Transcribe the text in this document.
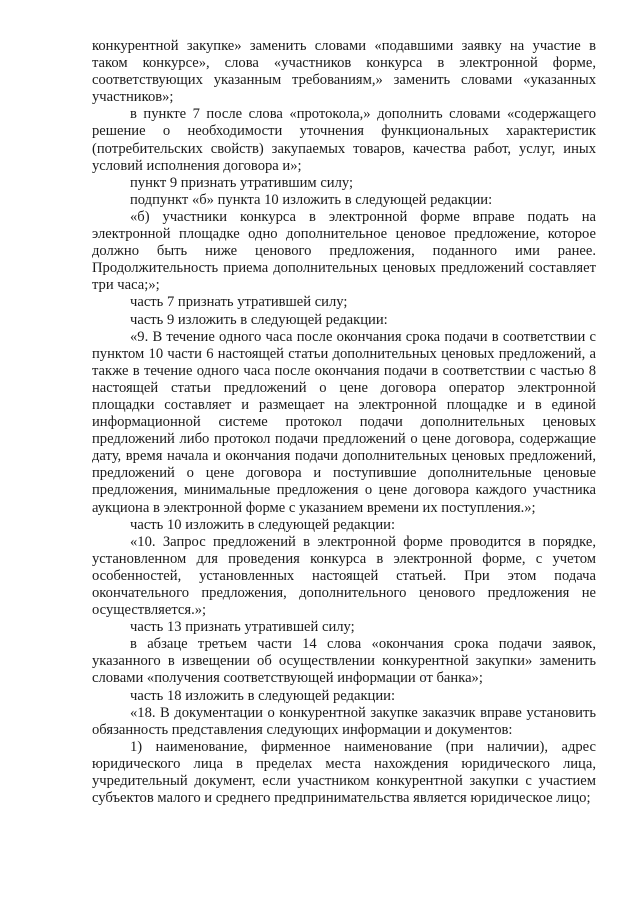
конкурентной закупке» заменить словами «подавшими заявку на участие в таком конкурсе», слова «участников конкурса в электронной форме, соответствующих указанным требованиям,» заменить словами «указанных участников»;

в пункте 7 после слова «протокола,» дополнить словами «содержащего решение о необходимости уточнения функциональных характеристик (потребительских свойств) закупаемых товаров, качества работ, услуг, иных условий исполнения договора и»;

пункт 9 признать утратившим силу;

подпункт «б» пункта 10 изложить в следующей редакции:

«б) участники конкурса в электронной форме вправе подать на электронной площадке одно дополнительное ценовое предложение, которое должно быть ниже ценового предложения, поданного ими ранее. Продолжительность приема дополнительных ценовых предложений составляет три часа;»;

часть 7 признать утратившей силу;

часть 9 изложить в следующей редакции:

«9. В течение одного часа после окончания срока подачи в соответствии с пунктом 10 части 6 настоящей статьи дополнительных ценовых предложений, а также в течение одного часа после окончания подачи в соответствии с частью 8 настоящей статьи предложений о цене договора оператор электронной площадки составляет и размещает на электронной площадке и в единой информационной системе протокол подачи дополнительных ценовых предложений либо протокол подачи предложений о цене договора, содержащие дату, время начала и окончания подачи дополнительных ценовых предложений, предложений о цене договора и поступившие дополнительные ценовые предложения, минимальные предложения о цене договора каждого участника аукциона в электронной форме с указанием времени их поступления.»;

часть 10 изложить в следующей редакции:

«10. Запрос предложений в электронной форме проводится в порядке, установленном для проведения конкурса в электронной форме, с учетом особенностей, установленных настоящей статьей. При этом подача окончательного предложения, дополнительного ценового предложения не осуществляется.»;

часть 13 признать утратившей силу;

в абзаце третьем части 14 слова «окончания срока подачи заявок, указанного в извещении об осуществлении конкурентной закупки» заменить словами «получения соответствующей информации от банка»;

часть 18 изложить в следующей редакции:

«18. В документации о конкурентной закупке заказчик вправе установить обязанность представления следующих информации и документов:

1) наименование, фирменное наименование (при наличии), адрес юридического лица в пределах места нахождения юридического лица, учредительный документ, если участником конкурентной закупки с участием субъектов малого и среднего предпринимательства является юридическое лицо;
